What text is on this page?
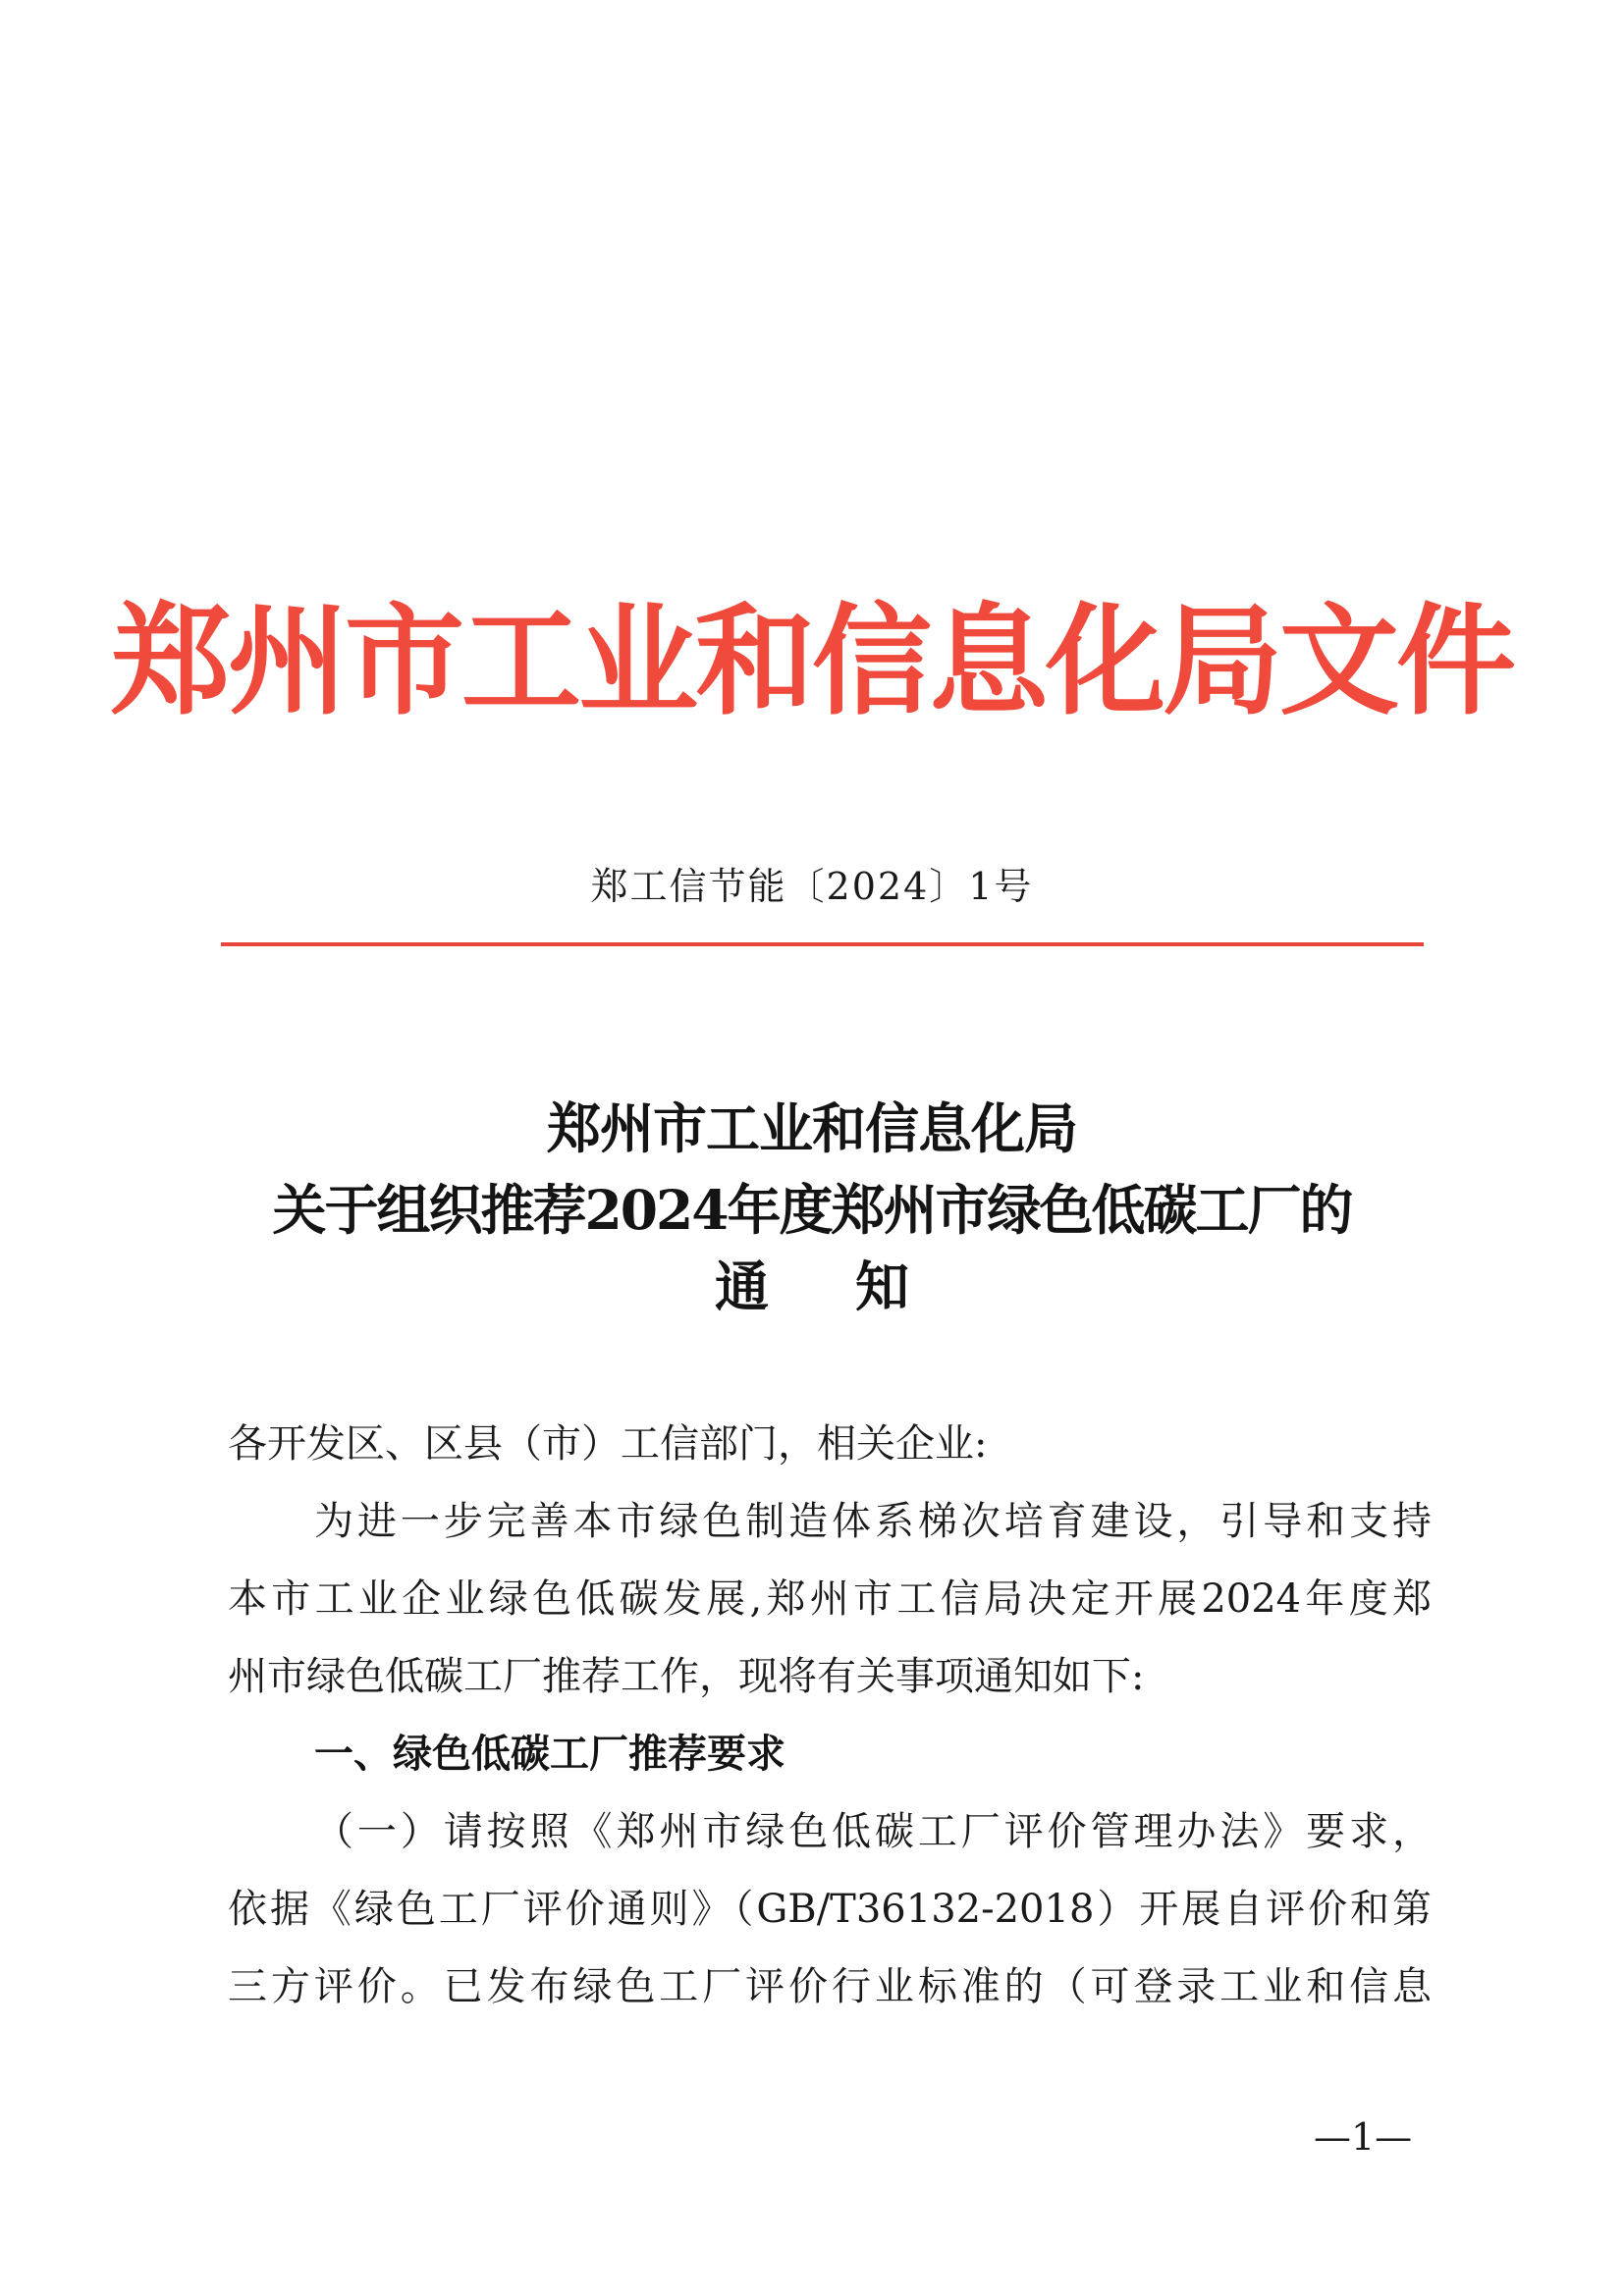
郑州市工业和信息化局文件
郑工信节能〔2024〕1号
郑州市工业和信息化局
关于组织推荐2024年度郑州市绿色低碳工厂的
通知
各开发区、区县（市）工信部门，相关企业:
为进一步完善本市绿色制造体系梯次培育建设，引导和支持
本市工业企业绿色低碳发展,郑州市工信局决定开展2024年度郑
州市绿色低碳工厂推荐工作，现将有关事项通知如下:
一、绿色低碳工厂推荐要求
（一）请按照《郑州市绿色低碳工厂评价管理办法》要求，
依据《绿色工厂评价通则》（GB/T36132-2018）开展自评价和第
三方评价。已发布绿色工厂评价行业标准的（可登录工业和信息
—1—
